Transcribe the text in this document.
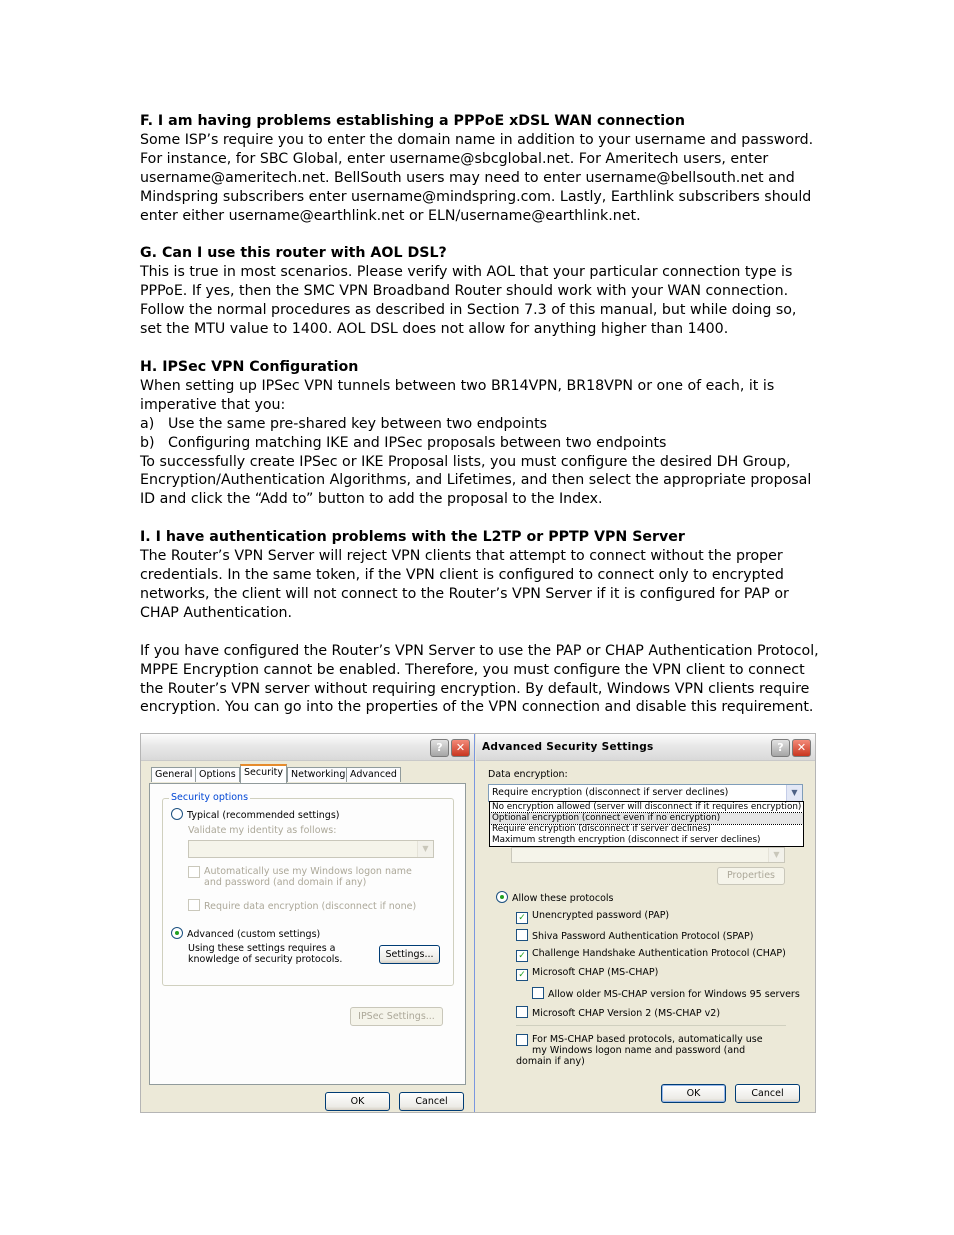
F. I am having problems establishing a PPPoE xDSL WAN connection

Some ISP’s require you to enter the domain name in addition to your username and password. For instance, for SBC Global, enter username@sbcglobal.net. For Ameritech users, enter username@ameritech.net. BellSouth users may need to enter username@bellsouth.net and Mindspring subscribers enter username@mindspring.com. Lastly, Earthlink subscribers should enter either username@earthlink.net or ELN/username@earthlink.net.

G. Can I use this router with AOL DSL?

This is true in most scenarios. Please verify with AOL that your particular connection type is PPPoE. If yes, then the SMC VPN Broadband Router should work with your WAN connection. Follow the normal procedures as described in Section 7.3 of this manual, but while doing so, set the MTU value to 1400. AOL DSL does not allow for anything higher than 1400.

H. IPSec VPN Configuration

When setting up IPSec VPN tunnels between two BR14VPN, BR18VPN or one of each, it is imperative that you:

a) Use the same pre-shared key between two endpoints

b) Configuring matching IKE and IPSec proposals between two endpoints

To successfully create IPSec or IKE Proposal lists, you must configure the desired DH Group, Encryption/Authentication Algorithms, and Lifetimes, and then select the appropriate proposal ID and click the “Add to” button to add the proposal to the Index.

I. I have authentication problems with the L2TP or PPTP VPN Server

The Router’s VPN Server will reject VPN clients that attempt to connect without the proper credentials. In the same token, if the VPN client is configured to connect only to encrypted networks, the client will not connect to the Router’s VPN Server if it is configured for PAP or CHAP Authentication.

If you have configured the Router’s VPN Server to use the PAP or CHAP Authentication Protocol, MPPE Encryption cannot be enabled. Therefore, you must configure the VPN client to connect the Router’s VPN server without requiring encryption. By default, Windows VPN clients require encryption. You can go into the properties of the VPN connection and disable this requirement.

?	✕
General Options Security Networking Advanced
Security options
Typical (recommended settings)
Validate my identity as follows:
▼
Automatically use my Windows logon name and password (and domain if any)
Require data encryption (disconnect if none)
Advanced (custom settings)
Using these settings requires a knowledge of security protocols.	Settings...
IPSec Settings...
OK	Cancel
Advanced Security Settings	?	✕
Data encryption:
Require encryption (disconnect if server declines)	▼
No encryption allowed (server will disconnect if it requires encryption)
Optional encryption (connect even if no encryption)
Require encryption (disconnect if server declines)
Maximum strength encryption (disconnect if server declines)
▼
Properties
Allow these protocols
✓ Unencrypted password (PAP)
Shiva Password Authentication Protocol (SPAP)
✓ Challenge Handshake Authentication Protocol (CHAP)
✓ Microsoft CHAP (MS-CHAP)
Allow older MS-CHAP version for Windows 95 servers
Microsoft CHAP Version 2 (MS-CHAP v2)
For MS-CHAP based protocols, automatically use my Windows logon name and password (and domain if any)
OK	Cancel
